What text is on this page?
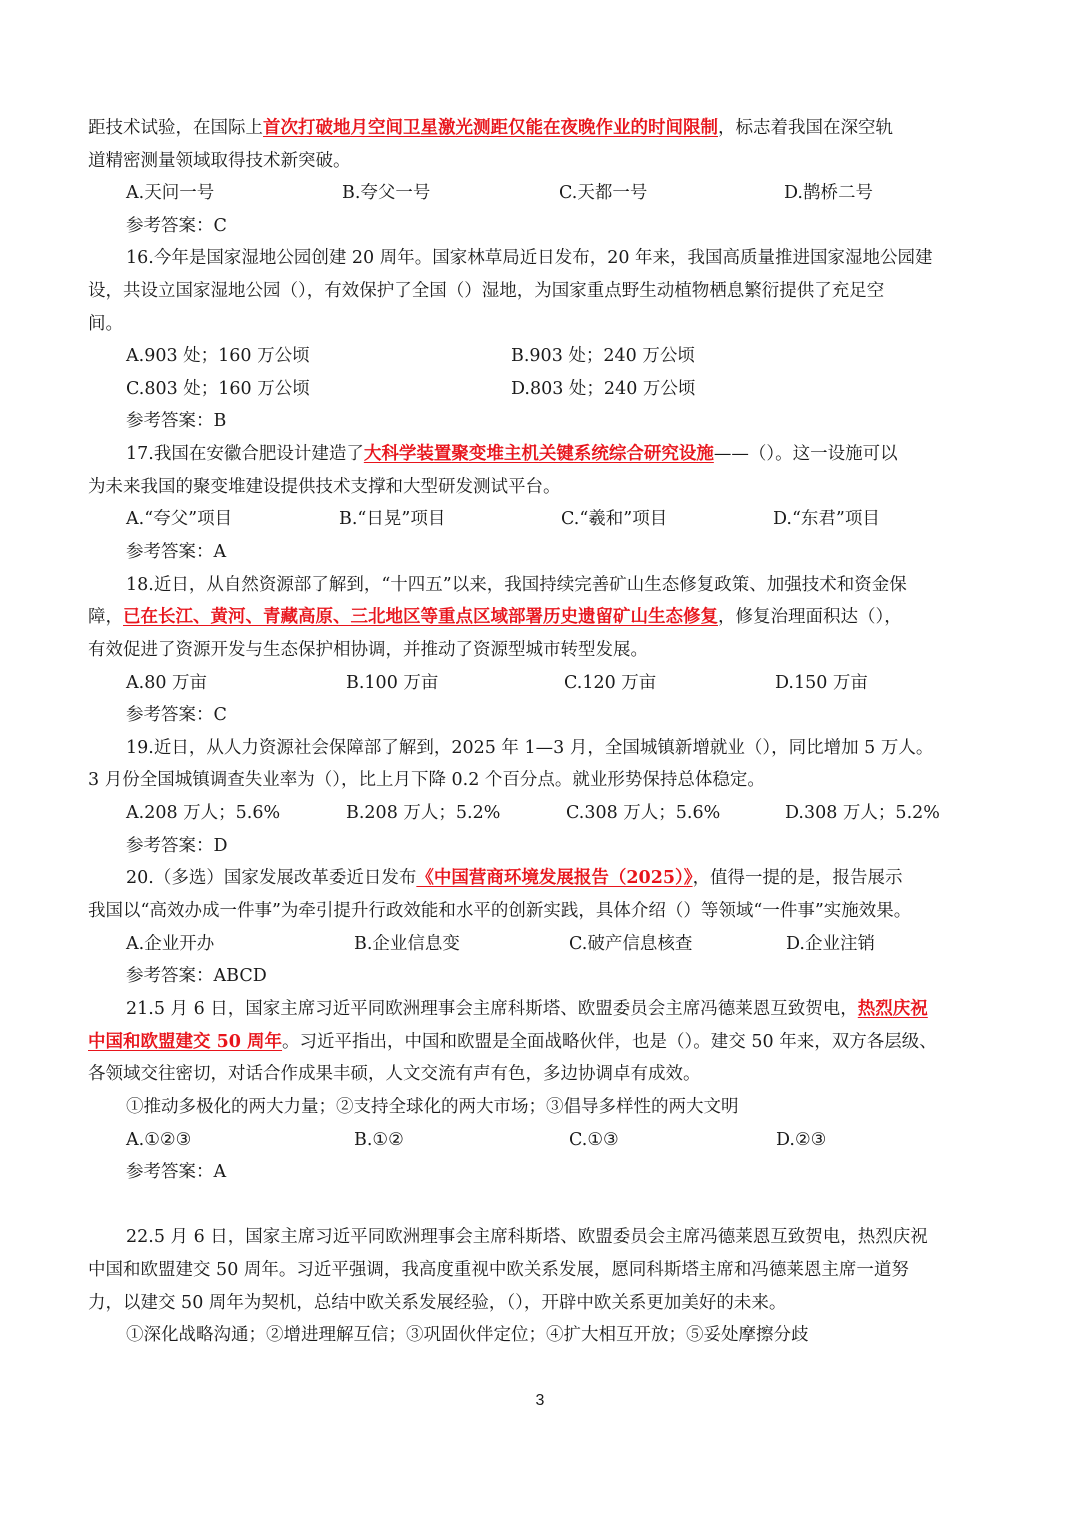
距技术试验，在国际上首次打破地月空间卫星激光测距仅能在夜晚作业的时间限制，标志着我国在深空轨
道精密测量领域取得技术新突破。
A.天问一号	B.夸父一号	C.天都一号	D.鹊桥二号
参考答案：C
16.今年是国家湿地公园创建 20 周年。国家林草局近日发布，20 年来，我国高质量推进国家湿地公园建
设，共设立国家湿地公园（），有效保护了全国（）湿地，为国家重点野生动植物栖息繁衍提供了充足空
间。
A.903 处；160 万公顷	B.903 处；240 万公顷
C.803 处；160 万公顷	D.803 处；240 万公顷
参考答案：B
17.我国在安徽合肥设计建造了大科学装置聚变堆主机关键系统综合研究设施——（）。这一设施可以
为未来我国的聚变堆建设提供技术支撑和大型研发测试平台。
A.“夸父”项目	B.“日晃”项目	C.“羲和”项目	D.“东君”项目
参考答案：A
18.近日，从自然资源部了解到，“十四五”以来，我国持续完善矿山生态修复政策、加强技术和资金保
障，已在长江、黄河、青藏高原、三北地区等重点区域部署历史遗留矿山生态修复，修复治理面积达（），
有效促进了资源开发与生态保护相协调，并推动了资源型城市转型发展。
A.80 万亩	B.100 万亩	C.120 万亩	D.150 万亩
参考答案：C
19.近日，从人力资源社会保障部了解到，2025 年 1—3 月，全国城镇新增就业（），同比增加 5 万人。
3 月份全国城镇调查失业率为（），比上月下降 0.2 个百分点。就业形势保持总体稳定。
A.208 万人；5.6%	B.208 万人；5.2%	C.308 万人；5.6%	D.308 万人；5.2%
参考答案：D
20.（多选）国家发展改革委近日发布《中国营商环境发展报告（2025）》，值得一提的是，报告展示
我国以“高效办成一件事”为牵引提升行政效能和水平的创新实践，具体介绍（）等领域“一件事”实施效果。
A.企业开办	B.企业信息变	C.破产信息核查	D.企业注销
参考答案：ABCD
21.5 月 6 日，国家主席习近平同欧洲理事会主席科斯塔、欧盟委员会主席冯德莱恩互致贺电，热烈庆祝
中国和欧盟建交 50 周年。习近平指出，中国和欧盟是全面战略伙伴，也是（）。建交 50 年来，双方各层级、
各领域交往密切，对话合作成果丰硕，人文交流有声有色，多边协调卓有成效。
①推动多极化的两大力量；②支持全球化的两大市场；③倡导多样性的两大文明
A.①②③	B.①②	C.①③	D.②③
参考答案：A
22.5 月 6 日，国家主席习近平同欧洲理事会主席科斯塔、欧盟委员会主席冯德莱恩互致贺电，热烈庆祝
中国和欧盟建交 50 周年。习近平强调，我高度重视中欧关系发展，愿同科斯塔主席和冯德莱恩主席一道努
力，以建交 50 周年为契机，总结中欧关系发展经验，（），开辟中欧关系更加美好的未来。
①深化战略沟通；②增进理解互信；③巩固伙伴定位；④扩大相互开放；⑤妥处摩擦分歧
3
